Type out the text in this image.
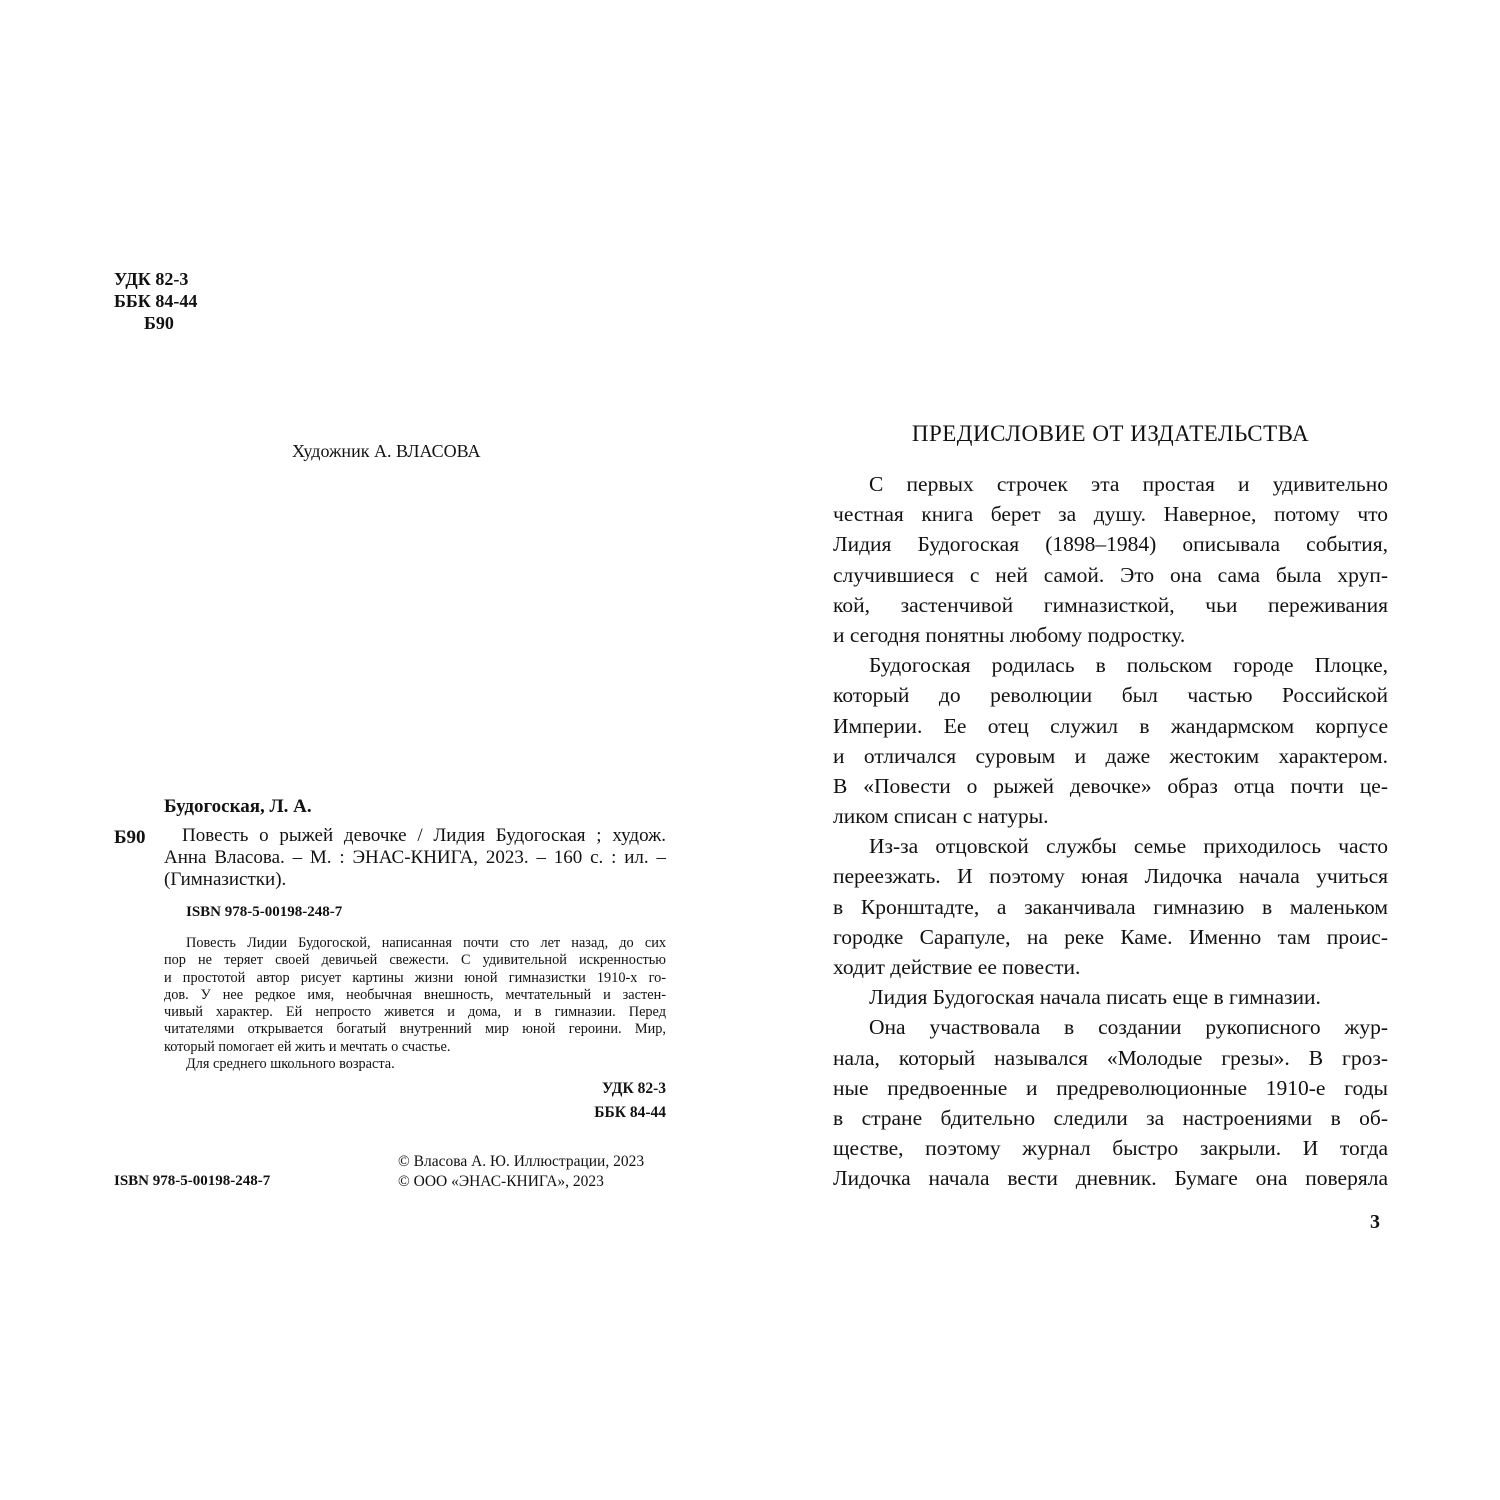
УДК 82-3
ББК 84-44
Б90
Художник А. ВЛАСОВА
Будогоская, Л. А.
Б90	Повесть о рыжей девочке / Лидия Будогоская ; худож.
Анна Власова. – М. : ЭНАС-КНИГА, 2023. – 160 с. : ил. –
(Гимназистки).
ISBN 978-5-00198-248-7
Повесть Лидии Будогоской, написанная почти сто лет назад, до сих
пор не теряет своей девичьей свежести. С удивительной искренностью
и простотой автор рисует картины жизни юной гимназистки 1910-х го-
дов. У нее редкое имя, необычная внешность, мечтательный и застен-
чивый характер. Ей непросто живется и дома, и в гимназии. Перед
читателями открывается богатый внутренний мир юной героини. Мир,
который помогает ей жить и мечтать о счастье.
Для среднего школьного возраста.
УДК 82-3
ББК 84-44
© Власова А. Ю. Иллюстрации, 2023
© ООО «ЭНАС-КНИГА», 2023
ISBN 978-5-00198-248-7
ПРЕДИСЛОВИЕ ОТ ИЗДАТЕЛЬСТВА
С первых строчек эта простая и удивительно
честная книга берет за душу. Наверное, потому что
Лидия Будогоская (1898–1984) описывала события,
случившиеся с ней самой. Это она сама была хруп-
кой, застенчивой гимназисткой, чьи переживания
и сегодня понятны любому подростку.
Будогоская родилась в польском городе Плоцке,
который до революции был частью Российской
Империи. Ее отец служил в жандармском корпусе
и отличался суровым и даже жестоким характером.
В «Повести о рыжей девочке» образ отца почти це-
ликом списан с натуры.
Из-за отцовской службы семье приходилось часто
переезжать. И поэтому юная Лидочка начала учиться
в Кронштадте, а заканчивала гимназию в маленьком
городке Сарапуле, на реке Каме. Именно там проис-
ходит действие ее повести.
Лидия Будогоская начала писать еще в гимназии.
Она участвовала в создании рукописного жур-
нала, который назывался «Молодые грезы». В гроз-
ные предвоенные и предреволюционные 1910-е годы
в стране бдительно следили за настроениями в об-
ществе, поэтому журнал быстро закрыли. И тогда
Лидочка начала вести дневник. Бумаге она поверяла
3
